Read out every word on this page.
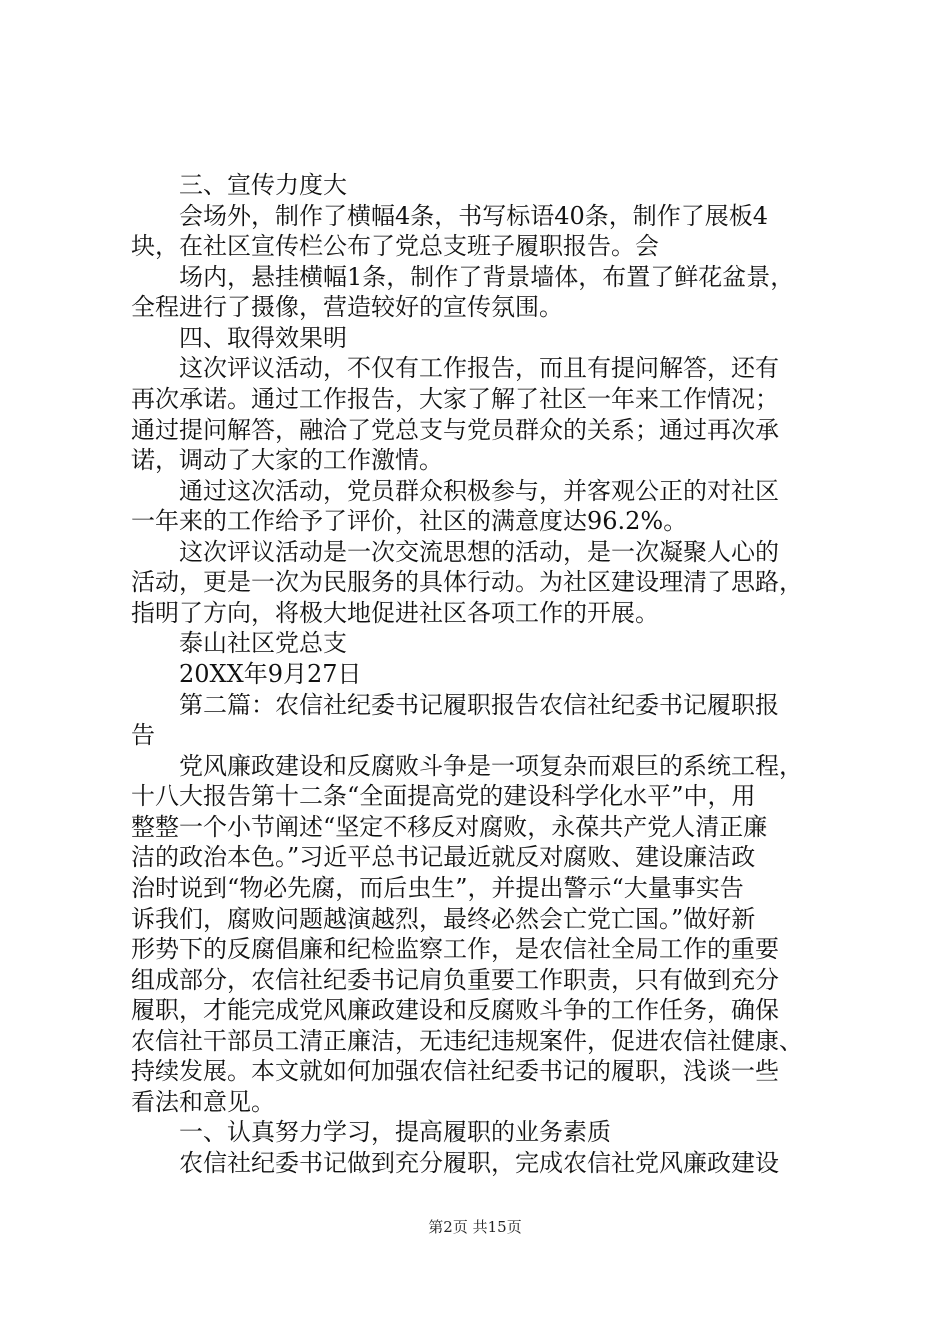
三、宣传力度大
会场外，制作了横幅4条，书写标语40条，制作了展板4
块，在社区宣传栏公布了党总支班子履职报告。会
场内，悬挂横幅1条，制作了背景墙体，布置了鲜花盆景，
全程进行了摄像，营造较好的宣传氛围。
四、取得效果明
这次评议活动，不仅有工作报告，而且有提问解答，还有
再次承诺。通过工作报告，大家了解了社区一年来工作情况；
通过提问解答，融洽了党总支与党员群众的关系；通过再次承
诺，调动了大家的工作激情。
通过这次活动，党员群众积极参与，并客观公正的对社区
一年来的工作给予了评价，社区的满意度达96.2%。
这次评议活动是一次交流思想的活动，是一次凝聚人心的
活动，更是一次为民服务的具体行动。为社区建设理清了思路，
指明了方向，将极大地促进社区各项工作的开展。
泰山社区党总支
20XX年9月27日
第二篇：农信社纪委书记履职报告农信社纪委书记履职报
告
党风廉政建设和反腐败斗争是一项复杂而艰巨的系统工程，
十八大报告第十二条“全面提高党的建设科学化水平”中，用
整整一个小节阐述“坚定不移反对腐败，永葆共产党人清正廉
洁的政治本色。”习近平总书记最近就反对腐败、建设廉洁政
治时说到“物必先腐，而后虫生”，并提出警示“大量事实告
诉我们，腐败问题越演越烈，最终必然会亡党亡国。”做好新
形势下的反腐倡廉和纪检监察工作，是农信社全局工作的重要
组成部分，农信社纪委书记肩负重要工作职责，只有做到充分
履职，才能完成党风廉政建设和反腐败斗争的工作任务，确保
农信社干部员工清正廉洁，无违纪违规案件，促进农信社健康、
持续发展。本文就如何加强农信社纪委书记的履职，浅谈一些
看法和意见。
一、认真努力学习，提高履职的业务素质
农信社纪委书记做到充分履职，完成农信社党风廉政建设
第2页 共15页
